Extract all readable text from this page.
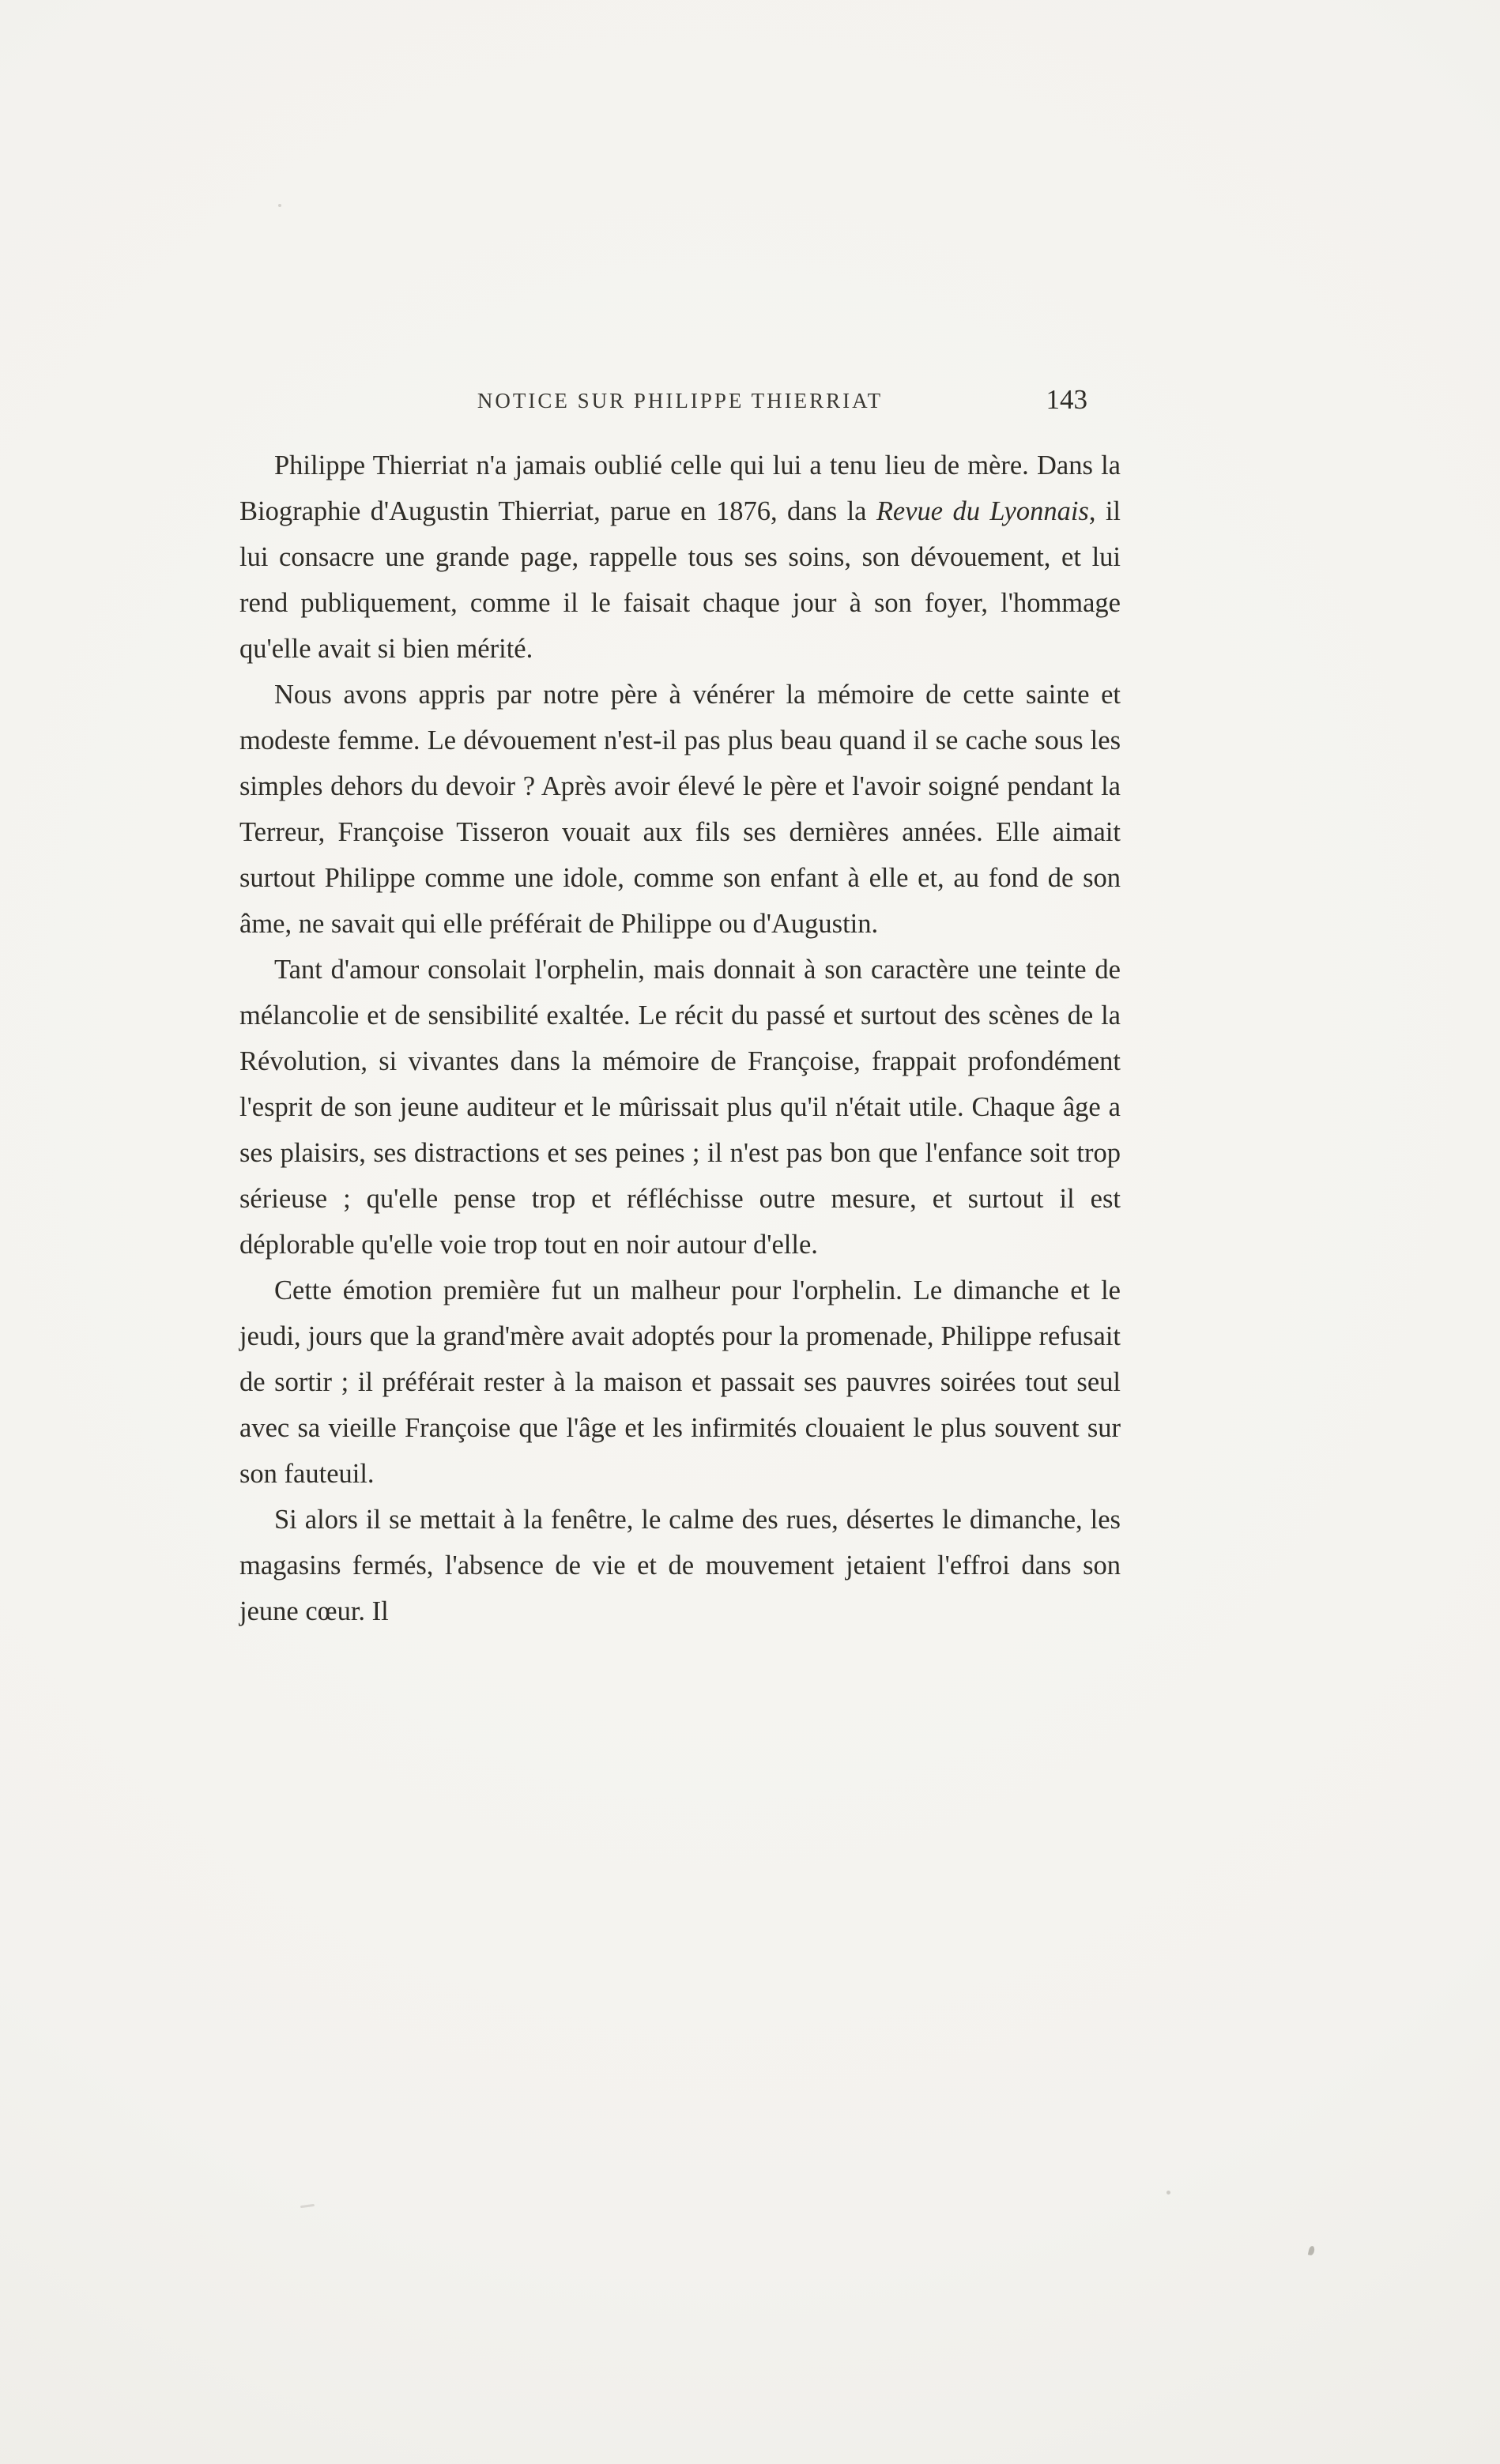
NOTICE SUR PHILIPPE THIERRIAT	143

Philippe Thierriat n'a jamais oublié celle qui lui a tenu lieu de mère. Dans la Biographie d'Augustin Thierriat, parue en 1876, dans la Revue du Lyonnais, il lui consacre une grande page, rappelle tous ses soins, son dévouement, et lui rend publiquement, comme il le faisait chaque jour à son foyer, l'hommage qu'elle avait si bien mérité.

Nous avons appris par notre père à vénérer la mémoire de cette sainte et modeste femme. Le dévouement n'est-il pas plus beau quand il se cache sous les simples dehors du devoir ? Après avoir élevé le père et l'avoir soigné pendant la Terreur, Françoise Tisseron vouait aux fils ses dernières années. Elle aimait surtout Philippe comme une idole, comme son enfant à elle et, au fond de son âme, ne savait qui elle préférait de Philippe ou d'Augustin.

Tant d'amour consolait l'orphelin, mais donnait à son caractère une teinte de mélancolie et de sensibilité exaltée. Le récit du passé et surtout des scènes de la Révolution, si vivantes dans la mémoire de Françoise, frappait profondément l'esprit de son jeune auditeur et le mûrissait plus qu'il n'était utile. Chaque âge a ses plaisirs, ses distractions et ses peines ; il n'est pas bon que l'enfance soit trop sérieuse ; qu'elle pense trop et réfléchisse outre mesure, et surtout il est déplorable qu'elle voie trop tout en noir autour d'elle.

Cette émotion première fut un malheur pour l'orphelin. Le dimanche et le jeudi, jours que la grand'mère avait adoptés pour la promenade, Philippe refusait de sortir ; il préférait rester à la maison et passait ses pauvres soirées tout seul avec sa vieille Françoise que l'âge et les infirmités clouaient le plus souvent sur son fauteuil.

Si alors il se mettait à la fenêtre, le calme des rues, désertes le dimanche, les magasins fermés, l'absence de vie et de mouvement jetaient l'effroi dans son jeune cœur. Il
